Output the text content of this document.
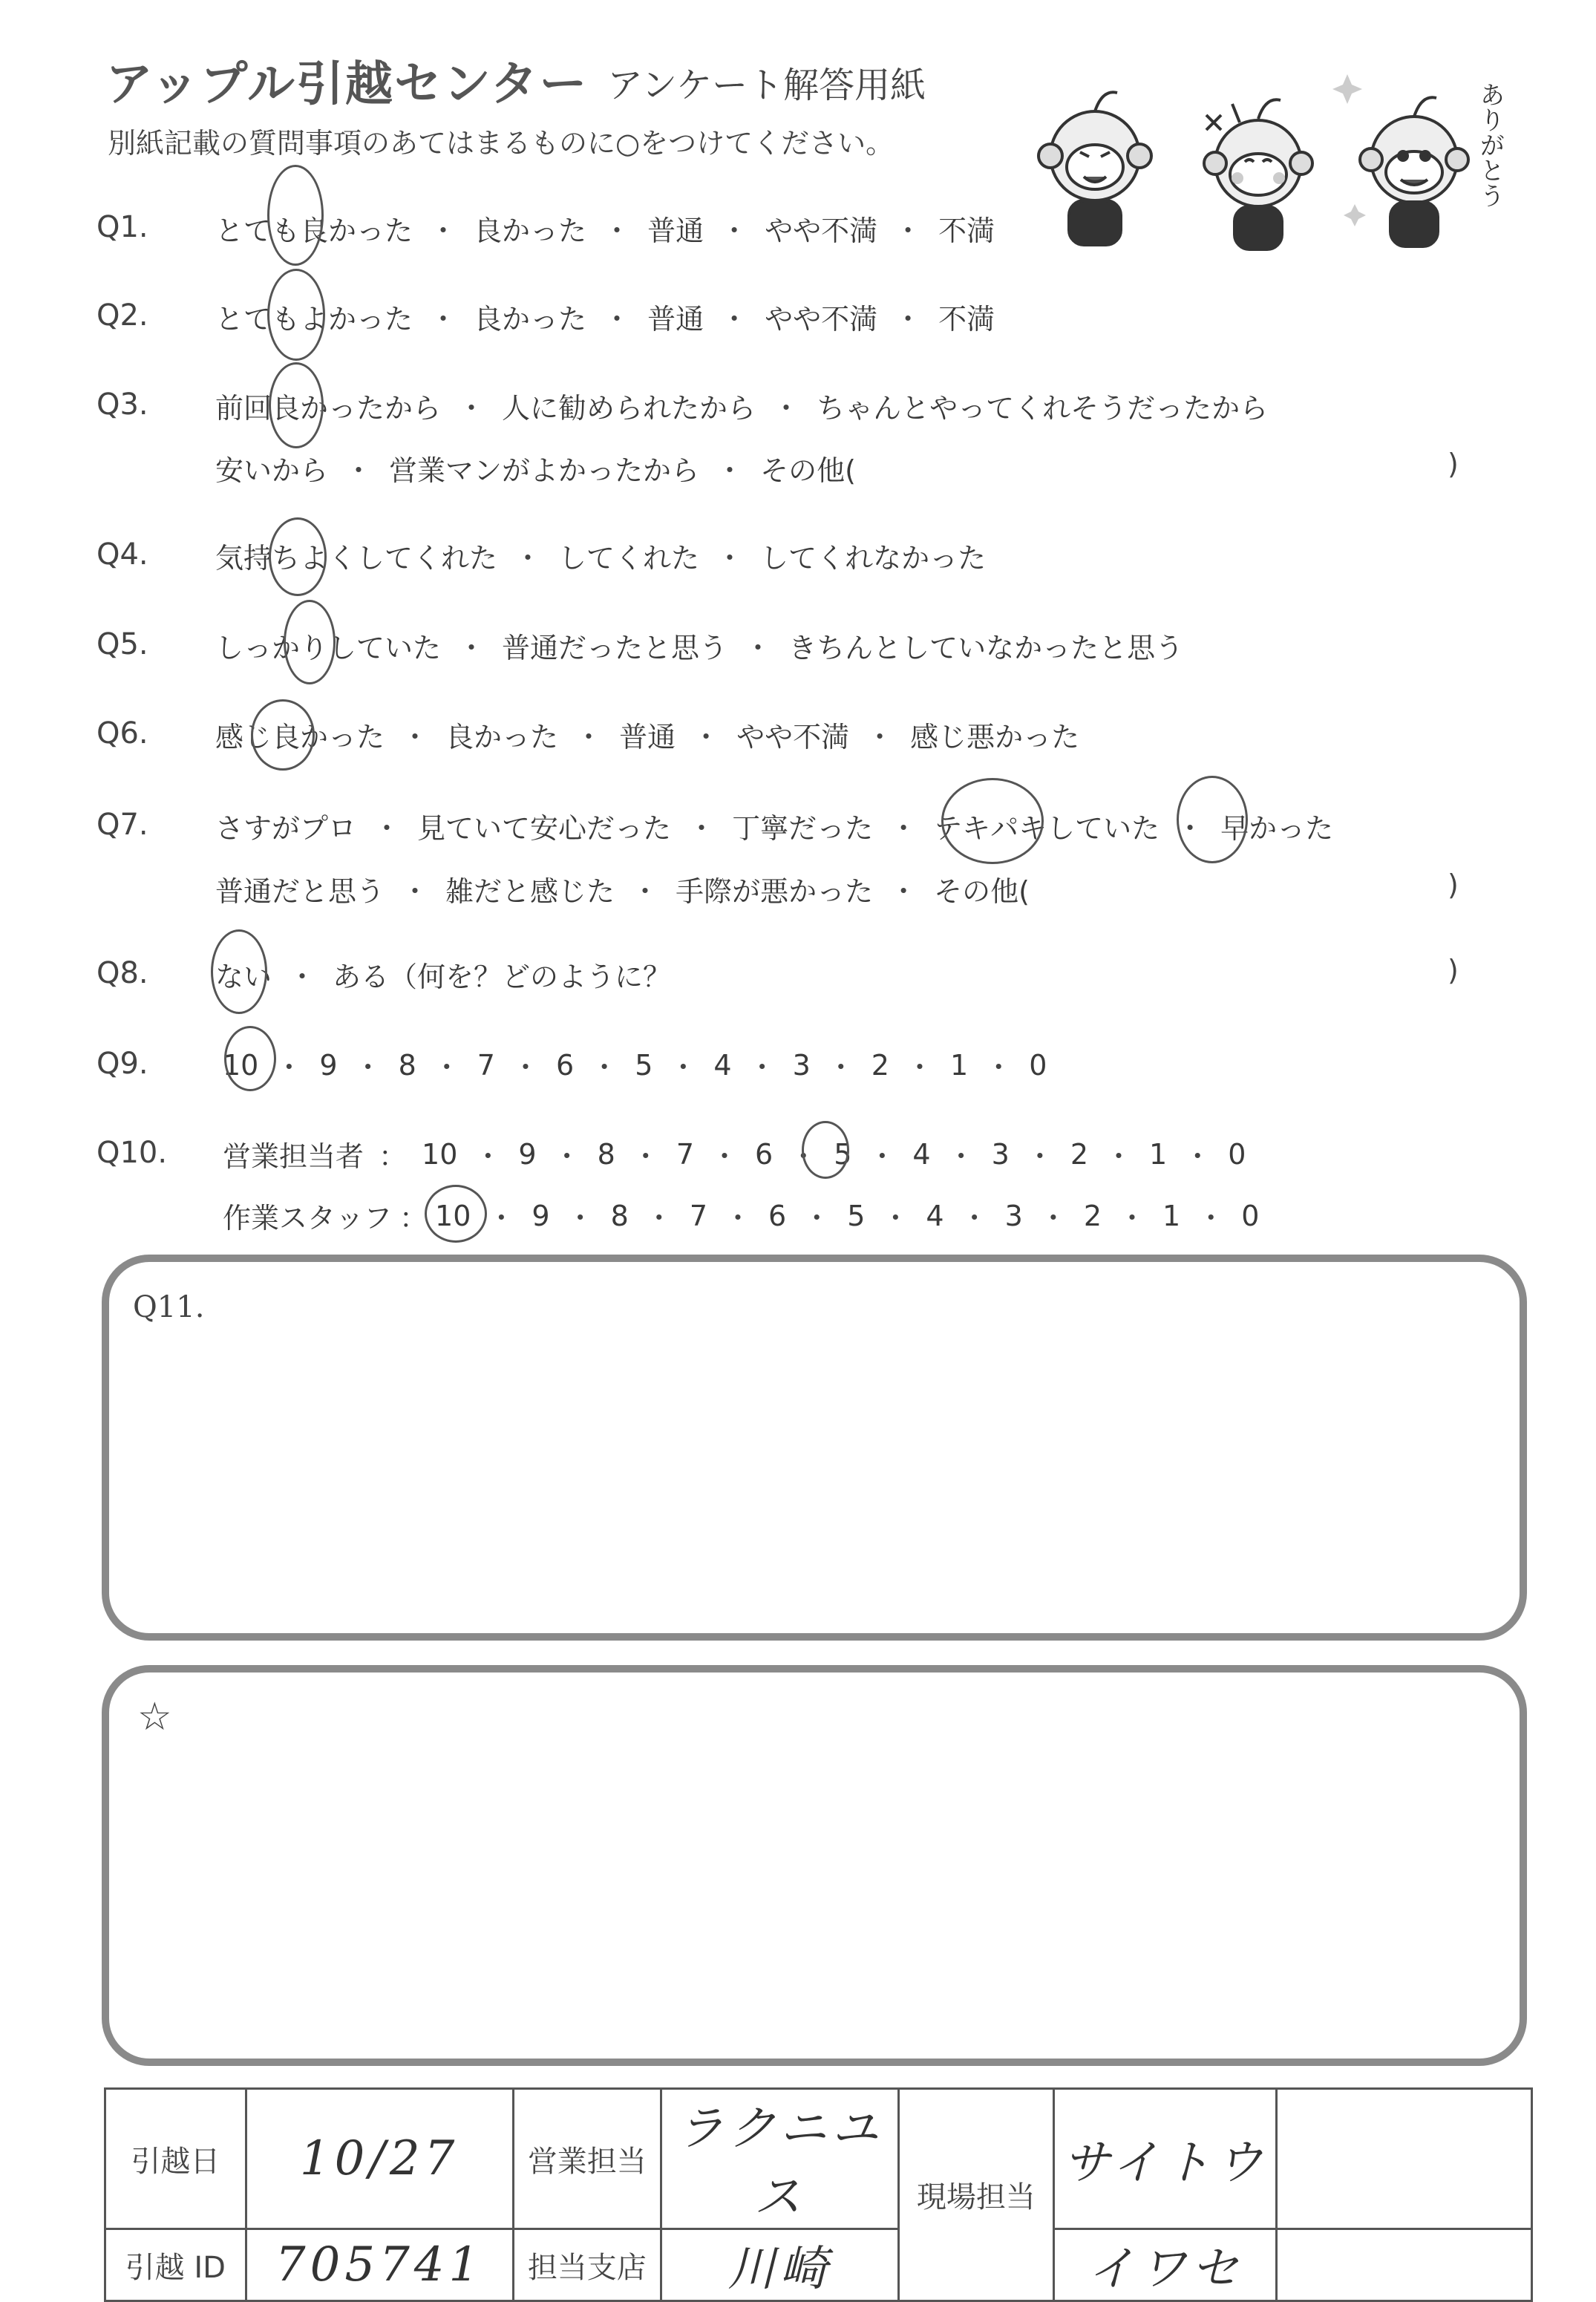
アップル引越センター アンケート解答用紙
別紙記載の質問事項のあてはまるものに○をつけてください。	ありがとう
Q1. とても良かった ・ 良かった ・ 普通 ・ やや不満 ・ 不満
Q2. とてもよかった ・ 良かった ・ 普通 ・ やや不満 ・ 不満
Q3. 前回良かったから ・ 人に勧められたから ・ ちゃんとやってくれそうだったから
安いから ・ 営業マンがよかったから ・ その他(	)
Q4. 気持ちよくしてくれた ・ してくれた ・ してくれなかった
Q5. しっかりしていた ・ 普通だったと思う ・ きちんとしていなかったと思う
Q6. 感じ良かった ・ 良かった ・ 普通 ・ やや不満 ・ 感じ悪かった
Q7. さすがプロ ・ 見ていて安心だった ・ 丁寧だった ・ テキパキしていた ・ 早かった
普通だと思う ・ 雑だと感じた ・ 手際が悪かった ・ その他(	)
Q8. ない ・ ある（何を？どのように？	)
Q9.	10 ・ 9 ・ 8 ・ 7 ・ 6 ・ 5 ・ 4 ・ 3 ・ 2 ・ 1 ・ 0
Q10. 営業担当者 ： 10 ・ 9 ・ 8 ・ 7 ・ 6 ・ 5 ・ 4 ・ 3 ・ 2 ・ 1 ・ 0
作業スタッフ ： 10 ・ 9 ・ 8 ・ 7 ・ 6 ・ 5 ・ 4 ・ 3 ・ 2 ・ 1 ・ 0
Q11.
☆
引越日	10/27	営業担当	ラクニユス	現場担当	サイトウ	
引越 ID	705741	担当支店	川崎		イワセ	
